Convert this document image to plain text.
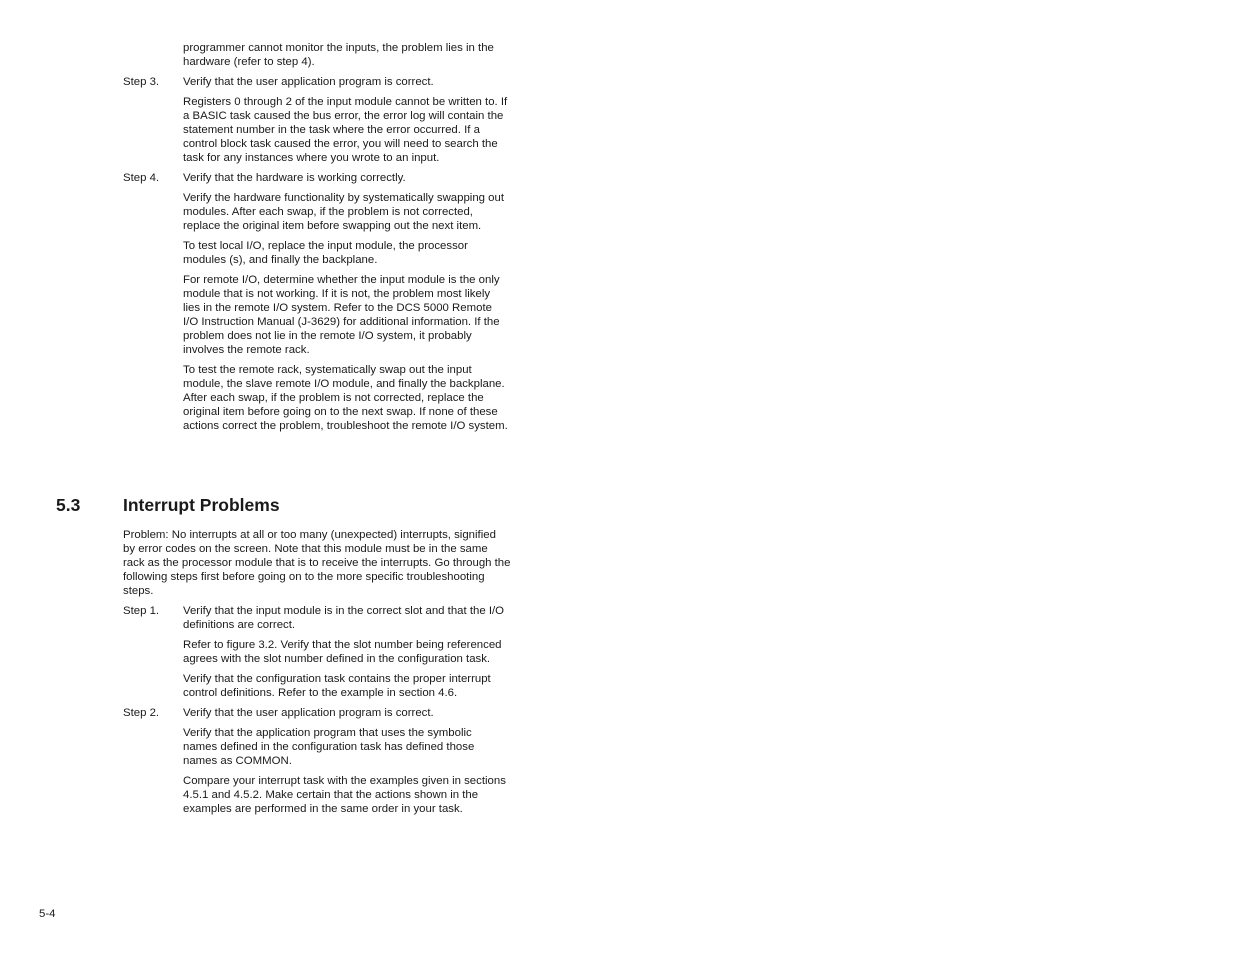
programmer cannot monitor the inputs, the problem lies in the hardware (refer to step 4).

Step 3.	Verify that the user application program is correct.

Registers 0 through 2 of the input module cannot be written to. If a BASIC task caused the bus error, the error log will contain the statement number in the task where the error occurred. If a control block task caused the error, you will need to search the task for any instances where you wrote to an input.

Step 4.	Verify that the hardware is working correctly.

Verify the hardware functionality by systematically swapping out modules. After each swap, if the problem is not corrected, replace the original item before swapping out the next item.

To test local I/O, replace the input module, the processor modules (s), and finally the backplane.

For remote I/O, determine whether the input module is the only module that is not working. If it is not, the problem most likely lies in the remote I/O system. Refer to the DCS 5000 Remote I/O Instruction Manual (J-3629) for additional information. If the problem does not lie in the remote I/O system, it probably involves the remote rack.

To test the remote rack, systematically swap out the input module, the slave remote I/O module, and finally the backplane. After each swap, if the problem is not corrected, replace the original item before going on to the next swap. If none of these actions correct the problem, troubleshoot the remote I/O system.

5.3	Interrupt Problems

Problem: No interrupts at all or too many (unexpected) interrupts, signified by error codes on the screen. Note that this module must be in the same rack as the processor module that is to receive the interrupts. Go through the following steps first before going on to the more specific troubleshooting steps.

Step 1.	Verify that the input module is in the correct slot and that the I/O definitions are correct.

Refer to figure 3.2. Verify that the slot number being referenced agrees with the slot number defined in the configuration task.

Verify that the configuration task contains the proper interrupt control definitions. Refer to the example in section 4.6.

Step 2.	Verify that the user application program is correct.

Verify that the application program that uses the symbolic names defined in the configuration task has defined those names as COMMON.

Compare your interrupt task with the examples given in sections 4.5.1 and 4.5.2. Make certain that the actions shown in the examples are performed in the same order in your task.

5-4
